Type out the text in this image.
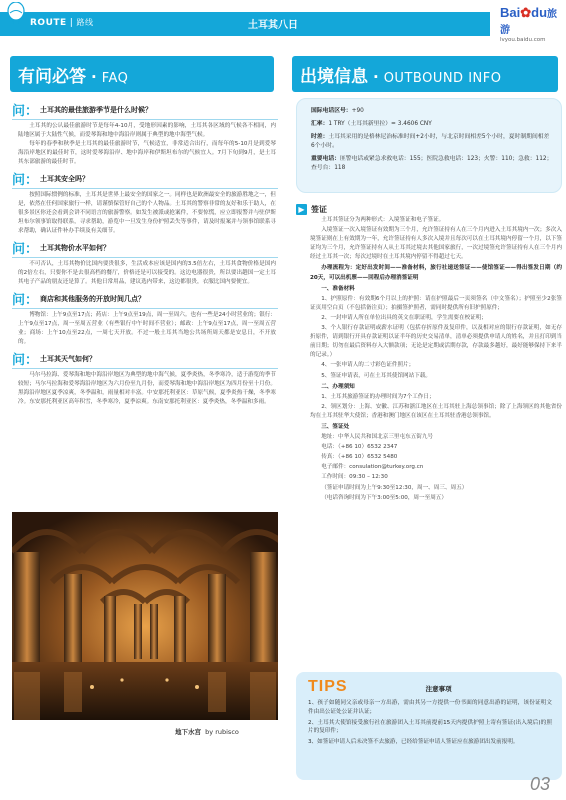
ROUTE | 路线	土耳其八日
Bai✿du旅游
lvyou.baidu.com
有问必答 · FAQ	出境信息 · OUTBOUND INFO
问： 土耳其的最佳旅游季节是什么时候？

土耳其的公认最佳旅游时节是每年4-10月，受地形因素的影响，土耳其各区域的气候各不相同，内陆地区属于大陆性气候，而爱琴海和地中海沿岸则属于典型的地中海型气候。

每年的春季和秋季是土耳其的最佳旅游时节，气候适宜，非常适合出行，而每年的5-10月是到爱琴海沿岸地区的最佳时节，这时爱琴海沿岸、地中海岸和伊斯坦布尔的气候宜人。7月下旬到9月，是土耳其东部旅游的最佳时节。

问： 土耳其安全吗？

按照国际惯例的标准，土耳其是世界上最安全的国家之一。同样也是欧洲最安全的旅游胜地之一，但是，依然在任何国家旅行一样，请谨慎保管好自己的个人物品。土耳其的警察非常的友好和乐于助人，在很多景区你还会看到会讲不同语言的旅游警察。如发生被派或抢案件，不要惊慌，应立即报警并与驻伊斯坦布尔领事馆取得联系，寻求帮助，游览中一旦发生身份护照丢失等事件，请及时报案并与领事馆联系寻求帮助，确认证件补办手续及有关细节。

问： 土耳其物价水平如何？

不可否认，土耳其物价比国内要贵很多，生活成本应该是国内的3.5倍左右，土耳其食物价格是国内的2倍左右，只要你不是去很高档的餐厅，价格还是可以接受的。这边电器很贵，所以要出趟国一定土耳其电子产品的朋友还是算了。其他日常用品，建议选内带来，这边都很贵，衣服比国内要便宜。

问： 商店和其他服务的开放时间几点？

博物馆：上午9点至17点；药店：上午9点至19点，周一至周六。也有一些是24小时营业的；银行：上午9点至17点，周一至周五营业（有些银行中午时间不营业）；邮政：上午9点至17点，周一至周五营业；商场：上午10点至22点，一周七天开放。不过一般土耳其当地公共场所周天都是安息日，不开放的。

问： 土耳其天气如何？

马尔马拉海、爱琴海和地中海沿岸地区为典型的地中海气候，夏季炎热，冬季寒冷，适于游览的季节较短；马尔马拉海和爱琴海沿岸地区为六月份至九月份，而爱琴海和地中海沿岸地区为四月份至十月份。黑海沿岸地区夏季凉爽，冬季温和，雨量相对丰富。中安那托利亚区：草原气候，夏季炎热干燥，冬季寒冷。东安那托利亚区高年积雪，冬季寒冷，夏季凉爽。东南安那托利亚区：夏季炎热，冬季温和多雨。

地下水宫 by rubisco
国际电话区号：+90
汇率：1 TRY（土耳其新里拉）= 3.4606 CNY
时差：土耳其采用的是格林尼治标准时间+2小时，与北京时间相差5个小时，夏时制期间相差6个小时。
重要电话：匪警电话或紧急求救电话：155；医院急救电话：123；火警：110；急救：112；查号台：118
▶ 签证

土耳其签证分为两种形式：入境签证和电子签证。

入境签证一次入境签证有效期为三个月，允许签证持有人在三个月内进入土耳其境内一次；多次入境签证则在上有效期为一年，允许签证持有人多次入境并且每次可以在土耳其境内停留一个月，以下签证均为三个月，允许签证持有人从土耳其过境去其他国家旅行，一次过境签允许签证持有人在三个月内经过土耳其一次；每次过境时在土耳其境内停留不得超过七天。

办理流程为：定好出发时间——准备材料，旅行社递送签证——使馆签证——得出签发日期（约20天，可以出机票——回程后办理消签证明

一、准备材料

1、护照原件：有效期6个月以上的护照：请在护照最后一页须签名（中文签名）；护照至少2张签证页用空白页（不包括备注页）；拍摄签护照者，需同时提供所有旧护照原件；

2、一封申请人所在单位出具的英文在职证明，学生需要在校证明；

3、个人银行存款证明或薪水证明（包括存折原件及复印件，以及相对应的银行存款证明，如无存折原件，请到银行开具存款证明以证半年的历史交易清单，清单必须提供申请人的姓名，并且打印到当前日期；切勿在最后资料存入大额款项；无论是定期或活期存款，存款最多越好，最好能够保持下来半的记录。）

4、一张申请人的二寸彩色证件照片；

5、签证申请表，可在土耳其使馆网站下载。

二、办理须知

1、土耳其旅游签证的办理时间为7个工作日；

2、领区划分：上海、安徽、江苏和浙江地区在土耳其驻上海总领事馆；除了上海领区的其他省份均在土耳其驻华大使馆；香港和澳门地区在该区在土耳其驻香港总领事馆。

三、签证处

地址：中华人民共和国北京三里屯东五街九号

电话：（+86 10）6532 2347

传真：（+86 10）6532 5480

电子邮件：consulation@turkey.org.cn

工作时间：09:30 – 12:30

（签证申请时间为上午9:30至12:30，周一、周三、周五）

（电话咨询时间为下午3:00至5:00，周一至周五）

TIPS	注意事项

1、孩子如随同父亲或母亲一方出游，需由其另一方提供一份书面的同意出游的证明，该份证明文件由出公证处公证并认证；

2、土耳其大使馆接受旅行社在旅游团入土耳其前提前15天内提供护照上寄有签证(出入境后)的照片的复印件；

3、如签证申请人后未决签不去旅游，已经给签证申请人签证应在旅游团出发前报明。

03
